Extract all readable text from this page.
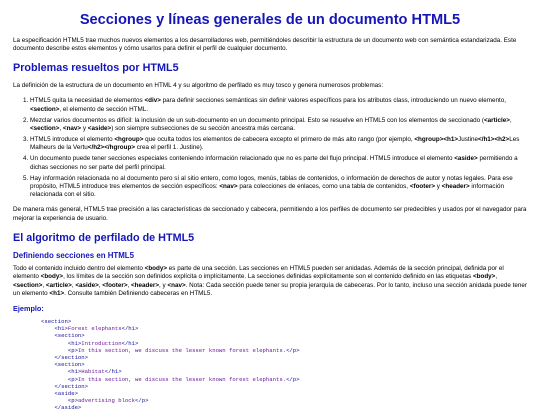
Secciones y líneas generales de un documento HTML5

La especificación HTML5 trae muchos nuevos elementos a los desarrolladores web, permitiéndoles describir la estructura de un documento web con semántica estandarizada. Este documento describe estos elementos y cómo usarlos para definir el perfil de cualquier documento.

Problemas resueltos por HTML5

La definición de la estructura de un documento en HTML 4 y su algoritmo de perfilado es muy tosco y genera numerosos problemas:

1. HTML5 quita la necesidad de elementos <div> para definir secciones semánticas sin definir valores específicos para los atributos class, introduciendo un nuevo elemento, <section>, el elemento de sección HTML.
2. Mezclar varios documentos es difícil: la inclusión de un sub-documento en un documento principal. Esto se resuelve en HTML5 con los elementos de seccionado (<article>, <section>, <nav> y <aside>) son siempre subsecciones de su sección ancestra más cercana.
3. HTML5 introduce el elemento <hgroup> que oculta todos los elementos de cabecera excepto el primero de más alto rango (por ejemplo, <hgroup><h1>Justine</h1><h2>Les Malheurs de la Vertu</h2></hgroup> crea el perfil 1. Justine).
4. Un documento puede tener secciones especiales conteniendo información relacionado que no es parte del flujo principal. HTML5 introduce el elemento <aside> permitiendo a dichas secciones no ser parte del perfil principal.
5. Hay información relacionada no al documento pero sí al sitio entero, como logos, menús, tablas de contenidos, o información de derechos de autor y notas legales. Para ese propósito, HTML5 introduce tres elementos de sección específicos: <nav> para colecciones de enlaces, como una tabla de contenidos, <footer> y <header> información relacionada con el sitio.

De manera más general, HTML5 trae precisión a las características de seccionado y cabecera, permitiendo a los perfiles de documento ser predecibles y usados por el navegador para mejorar la experiencia de usuario.

El algoritmo de perfilado de HTML5
Definiendo secciones en HTML5

Todo el contenido incluido dentro del elemento <body> es parte de una sección. Las secciones en HTML5 pueden ser anidadas. Además de la sección principal, definida por el elemento <body>, los límites de la sección son definidos explícita o implícitamente. La secciones definidas explícitamente son el contenido definido en las etiquetas <body>, <section>, <article>, <aside>, <footer>, <header>, y <nav>. Nota: Cada sección puede tener su propia jerarquía de cabeceras. Por lo tanto, incluso una sección anidada puede tener un elemento <h1>. Consulte también Definiendo cabeceras en HTML5.

Ejemplo:
<section>
<h1>Forest elephants</h1>
<section>
<h1>Introduction</h1>
<p>In this section, we discuss the lesser known forest elephants.</p>
</section>
<section>
<h1>Habitat</h1>
<p>In this section, we discuss the lesser known forest elephants.</p>
</section>
<aside>
<p>advertising block</p>
</aside>
